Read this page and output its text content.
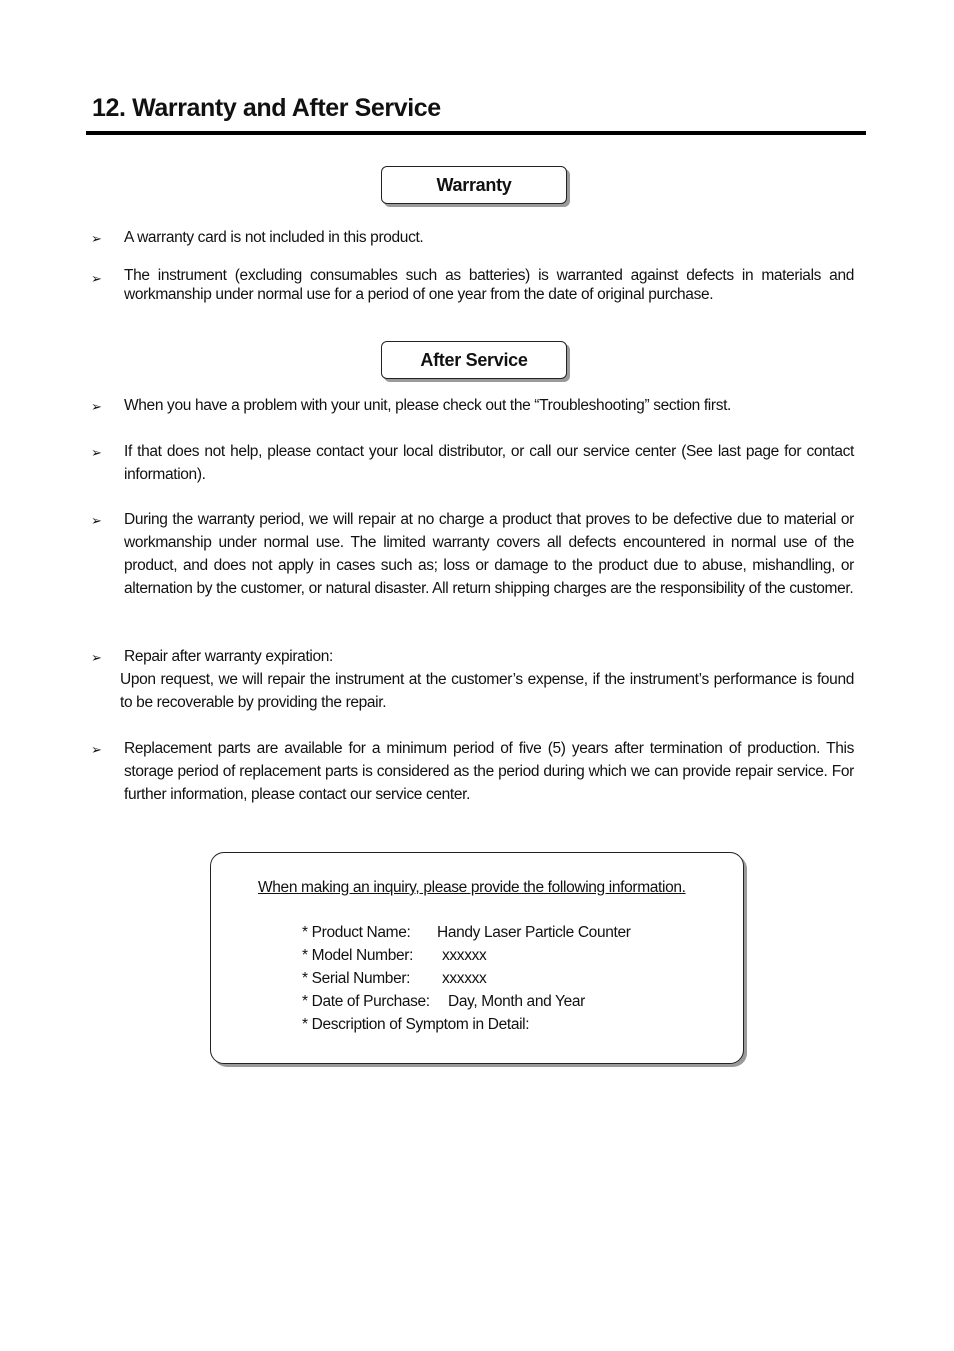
12. Warranty and After Service
Warranty
➢ A warranty card is not included in this product.
➢ The instrument (excluding consumables such as batteries) is warranted against defects in materials and workmanship under normal use for a period of one year from the date of original purchase.
After Service
➢ When you have a problem with your unit, please check out the “Troubleshooting” section first.
➢ If that does not help, please contact your local distributor, or call our service center (See last page for contact information).
➢ During the warranty period, we will repair at no charge a product that proves to be defective due to material or workmanship under normal use. The limited warranty covers all defects encountered in normal use of the product, and does not apply in cases such as; loss or damage to the product due to abuse, mishandling, or alternation by the customer, or natural disaster. All return shipping charges are the responsibility of the customer.
➢ Repair after warranty expiration:
Upon request, we will repair the instrument at the customer’s expense, if the instrument’s performance is found to be recoverable by providing the repair.
➢ Replacement parts are available for a minimum period of five (5) years after termination of production. This storage period of replacement parts is considered as the period during which we can provide repair service. For further information, please contact our service center.
When making an inquiry, please provide the following information.
* Product Name: Handy Laser Particle Counter
* Model Number: xxxxxx
* Serial Number: xxxxxx
* Date of Purchase: Day, Month and Year
* Description of Symptom in Detail:
